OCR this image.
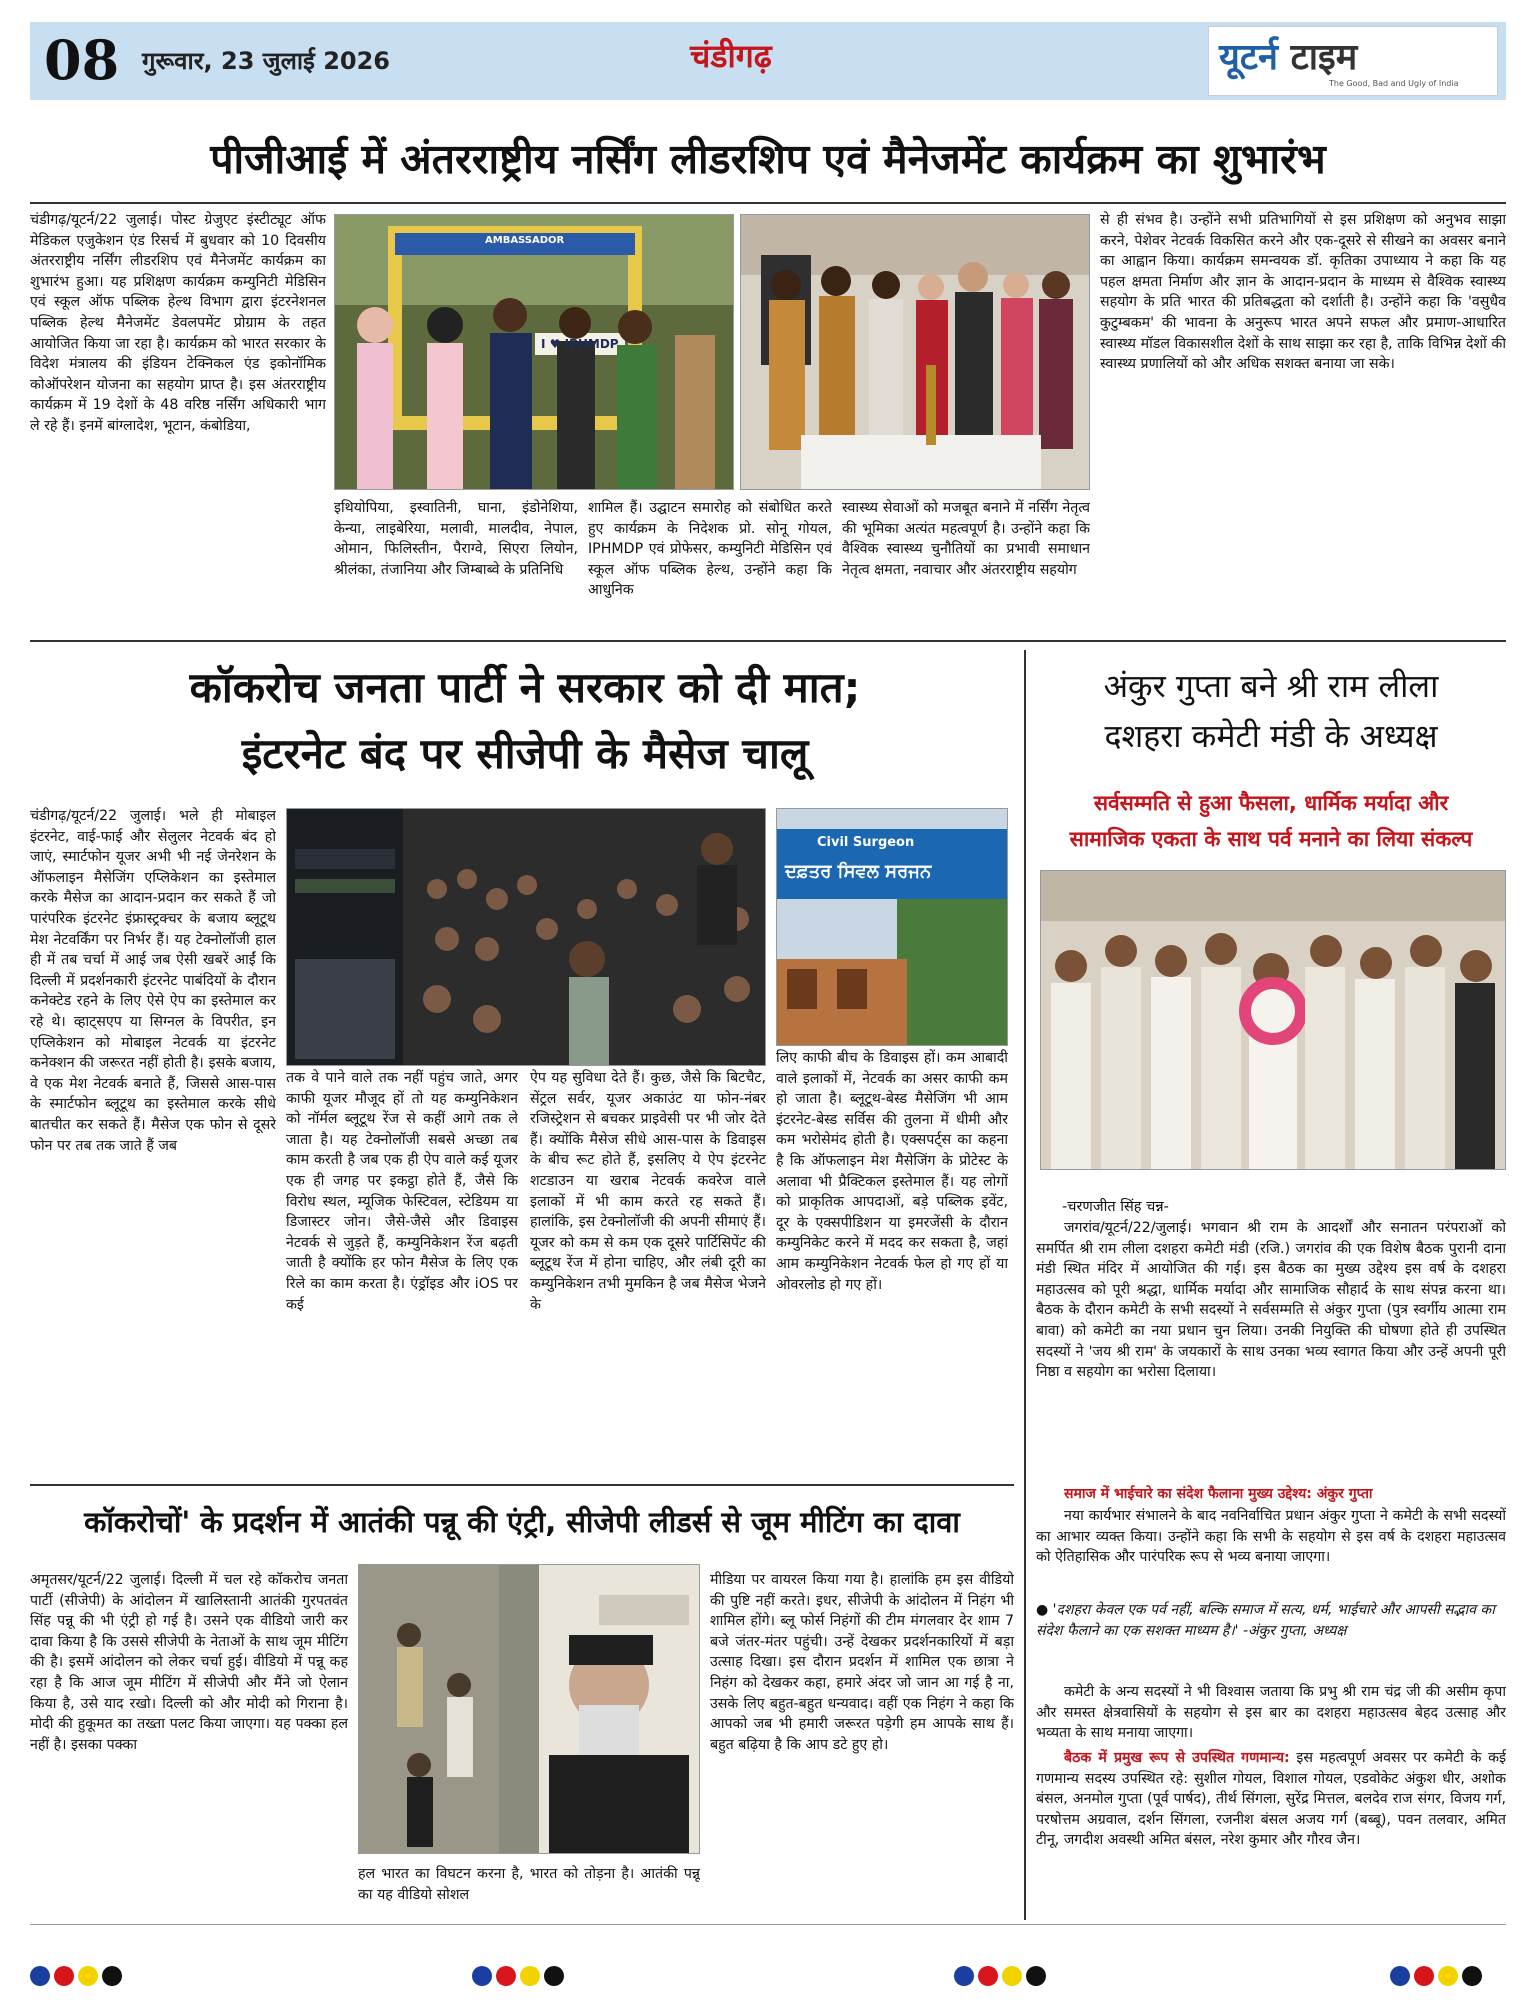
08 गुरूवार, 23 जुलाई 2026	चंडीगढ़	यूटर्न टाइम
The Good, Bad and Ugly of India
पीजीआई में अंतरराष्ट्रीय नर्सिंग लीडरशिप एवं मैनेजमेंट कार्यक्रम का शुभारंभ
चंडीगढ़/यूटर्न/22 जुलाई। पोस्ट ग्रेजुएट इंस्टीट्यूट ऑफ मेडिकल एजुकेशन एंड रिसर्च में बुधवार को 10 दिवसीय अंतरराष्ट्रीय नर्सिंग लीडरशिप एवं मैनेजमेंट कार्यक्रम का शुभारंभ हुआ। यह प्रशिक्षण कार्यक्रम कम्युनिटी मेडिसिन एवं स्कूल ऑफ पब्लिक हेल्थ विभाग द्वारा इंटरनेशनल पब्लिक हेल्थ मैनेजमेंट डेवलपमेंट प्रोग्राम के तहत आयोजित किया जा रहा है। कार्यक्रम को भारत सरकार के विदेश मंत्रालय की इंडियन टेक्निकल एंड इकोनॉमिक कोऑपरेशन योजना का सहयोग प्राप्त है। इस अंतरराष्ट्रीय कार्यक्रम में 19 देशों के 48 वरिष्ठ नर्सिंग अधिकारी भाग ले रहे हैं। इनमें बांग्लादेश, भूटान, कंबोडिया,
AMBASSADOR
I ♥ IPHMDP
इथियोपिया, इस्वातिनी, घाना, इंडोनेशिया, केन्या, लाइबेरिया, मलावी, मालदीव, नेपाल, ओमान, फिलिस्तीन, पैराग्वे, सिएरा लियोन, श्रीलंका, तंजानिया और जिम्बाब्वे के प्रतिनिधि
शामिल हैं। उद्घाटन समारोह को संबोधित करते हुए कार्यक्रम के निदेशक प्रो. सोनू गोयल, IPHMDP एवं प्रोफेसर, कम्युनिटी मेडिसिन एवं स्कूल ऑफ पब्लिक हेल्थ, उन्होंने कहा कि आधुनिक
स्वास्थ्य सेवाओं को मजबूत बनाने में नर्सिंग नेतृत्व की भूमिका अत्यंत महत्वपूर्ण है। उन्होंने कहा कि वैश्विक स्वास्थ्य चुनौतियों का प्रभावी समाधान नेतृत्व क्षमता, नवाचार और अंतरराष्ट्रीय सहयोग
से ही संभव है। उन्होंने सभी प्रतिभागियों से इस प्रशिक्षण को अनुभव साझा करने, पेशेवर नेटवर्क विकसित करने और एक-दूसरे से सीखने का अवसर बनाने का आह्वान किया। कार्यक्रम समन्वयक डॉ. कृतिका उपाध्याय ने कहा कि यह पहल क्षमता निर्माण और ज्ञान के आदान-प्रदान के माध्यम से वैश्विक स्वास्थ्य सहयोग के प्रति भारत की प्रतिबद्धता को दर्शाती है। उन्होंने कहा कि 'वसुधैव कुटुम्बकम' की भावना के अनुरूप भारत अपने सफल और प्रमाण-आधारित स्वास्थ्य मॉडल विकासशील देशों के साथ साझा कर रहा है, ताकि विभिन्न देशों की स्वास्थ्य प्रणालियों को और अधिक सशक्त बनाया जा सके।
कॉकरोच जनता पार्टी ने सरकार को दी मात;
इंटरनेट बंद पर सीजेपी के मैसेज चालू
चंडीगढ़/यूटर्न/22 जुलाई। भले ही मोबाइल इंटरनेट, वाई-फाई और सेलुलर नेटवर्क बंद हो जाएं, स्मार्टफोन यूजर अभी भी नई जेनरेशन के ऑफलाइन मैसेजिंग एप्लिकेशन का इस्तेमाल करके मैसेज का आदान-प्रदान कर सकते हैं जो पारंपरिक इंटरनेट इंफ्रास्ट्रक्चर के बजाय ब्लूटूथ मेश नेटवर्किंग पर निर्भर हैं। यह टेक्नोलॉजी हाल ही में तब चर्चा में आई जब ऐसी खबरें आईं कि दिल्ली में प्रदर्शनकारी इंटरनेट पाबंदियों के दौरान कनेक्टेड रहने के लिए ऐसे ऐप का इस्तेमाल कर रहे थे। व्हाट्सएप या सिग्नल के विपरीत, इन एप्लिकेशन को मोबाइल नेटवर्क या इंटरनेट कनेक्शन की जरूरत नहीं होती है। इसके बजाय, वे एक मेश नेटवर्क बनाते हैं, जिससे आस-पास के स्मार्टफोन ब्लूटूथ का इस्तेमाल करके सीधे बातचीत कर सकते हैं। मैसेज एक फोन से दूसरे फोन पर तब तक जाते हैं जब
Civil Surgeon
ਦਫ਼ਤਰ ਸਿਵਲ ਸਰਜਨ
तक वे पाने वाले तक नहीं पहुंच जाते, अगर काफी यूजर मौजूद हों तो यह कम्युनिकेशन को नॉर्मल ब्लूटूथ रेंज से कहीं आगे तक ले जाता है। यह टेक्नोलॉजी सबसे अच्छा तब काम करती है जब एक ही ऐप वाले कई यूजर एक ही जगह पर इकट्ठा होते हैं, जैसे कि विरोध स्थल, म्यूजिक फेस्टिवल, स्टेडियम या डिजास्टर जोन। जैसे-जैसे और डिवाइस नेटवर्क से जुड़ते हैं, कम्युनिकेशन रेंज बढ़ती जाती है क्योंकि हर फोन मैसेज के लिए एक रिले का काम करता है। एंड्रॉइड और iOS पर कई
ऐप यह सुविधा देते हैं। कुछ, जैसे कि बिटचैट, सेंट्रल सर्वर, यूजर अकाउंट या फोन-नंबर रजिस्ट्रेशन से बचकर प्राइवेसी पर भी जोर देते हैं। क्योंकि मैसेज सीधे आस-पास के डिवाइस के बीच रूट होते हैं, इसलिए ये ऐप इंटरनेट शटडाउन या खराब नेटवर्क कवरेज वाले इलाकों में भी काम करते रह सकते हैं। हालांकि, इस टेक्नोलॉजी की अपनी सीमाएं हैं। यूजर को कम से कम एक दूसरे पार्टिसिपेंट की ब्लूटूथ रेंज में होना चाहिए, और लंबी दूरी का कम्युनिकेशन तभी मुमकिन है जब मैसेज भेजने के
लिए काफी बीच के डिवाइस हों। कम आबादी वाले इलाकों में, नेटवर्क का असर काफी कम हो जाता है। ब्लूटूथ-बेस्ड मैसेजिंग भी आम इंटरनेट-बेस्ड सर्विस की तुलना में धीमी और कम भरोसेमंद होती है। एक्सपर्ट्स का कहना है कि ऑफलाइन मेश मैसेजिंग के प्रोटेस्ट के अलावा भी प्रैक्टिकल इस्तेमाल हैं। यह लोगों को प्राकृतिक आपदाओं, बड़े पब्लिक इवेंट, दूर के एक्सपीडिशन या इमरजेंसी के दौरान कम्युनिकेट करने में मदद कर सकता है, जहां आम कम्युनिकेशन नेटवर्क फेल हो गए हों या ओवरलोड हो गए हों।
कॉकरोचों' के प्रदर्शन में आतंकी पन्नू की एंट्री, सीजेपी लीडर्स से जूम मीटिंग का दावा
अमृतसर/यूटर्न/22 जुलाई। दिल्ली में चल रहे कॉकरोच जनता पार्टी (सीजेपी) के आंदोलन में खालिस्तानी आतंकी गुरपतवंत सिंह पन्नू की भी एंट्री हो गई है। उसने एक वीडियो जारी कर दावा किया है कि उससे सीजेपी के नेताओं के साथ जूम मीटिंग की है। इसमें आंदोलन को लेकर चर्चा हुई। वीडियो में पन्नू कह रहा है कि आज जूम मीटिंग में सीजेपी और मैंने जो ऐलान किया है, उसे याद रखो। दिल्ली को और मोदी को गिराना है। मोदी की हुकूमत का तख्ता पलट किया जाएगा। यह पक्का हल नहीं है। इसका पक्का
हल भारत का विघटन करना है, भारत को तोड़ना है। आतंकी पन्नू का यह वीडियो सोशल
मीडिया पर वायरल किया गया है। हालांकि हम इस वीडियो की पुष्टि नहीं करते। इधर, सीजेपी के आंदोलन में निहंग भी शामिल होंगे। ब्लू फोर्स निहंगों की टीम मंगलवार देर शाम 7 बजे जंतर-मंतर पहुंची। उन्हें देखकर प्रदर्शनकारियों में बड़ा उत्साह दिखा। इस दौरान प्रदर्शन में शामिल एक छात्रा ने निहंग को देखकर कहा, हमारे अंदर जो जान आ गई है ना, उसके लिए बहुत-बहुत धन्यवाद। वहीं एक निहंग ने कहा कि आपको जब भी हमारी जरूरत पड़ेगी हम आपके साथ हैं। बहुत बढ़िया है कि आप डटे हुए हो।
अंकुर गुप्ता बने श्री राम लीला
दशहरा कमेटी मंडी के अध्यक्ष
सर्वसम्मति से हुआ फैसला, धार्मिक मर्यादा और
सामाजिक एकता के साथ पर्व मनाने का लिया संकल्प
-चरणजीत सिंह चन्न-
जगरांव/यूटर्न/22/जुलाई। भगवान श्री राम के आदर्शों और सनातन परंपराओं को समर्पित श्री राम लीला दशहरा कमेटी मंडी (रजि.) जगरांव की एक विशेष बैठक पुरानी दाना मंडी स्थित मंदिर में आयोजित की गई। इस बैठक का मुख्य उद्देश्य इस वर्ष के दशहरा महाउत्सव को पूरी श्रद्धा, धार्मिक मर्यादा और सामाजिक सौहार्द के साथ संपन्न करना था। बैठक के दौरान कमेटी के सभी सदस्यों ने सर्वसम्मति से अंकुर गुप्ता (पुत्र स्वर्गीय आत्मा राम बावा) को कमेटी का नया प्रधान चुन लिया। उनकी नियुक्ति की घोषणा होते ही उपस्थित सदस्यों ने 'जय श्री राम' के जयकारों के साथ उनका भव्य स्वागत किया और उन्हें अपनी पूरी निष्ठा व सहयोग का भरोसा दिलाया।
समाज में भाईचारे का संदेश फैलाना मुख्य उद्देश्य: अंकुर गुप्ता
नया कार्यभार संभालने के बाद नवनिर्वाचित प्रधान अंकुर गुप्ता ने कमेटी के सभी सदस्यों का आभार व्यक्त किया। उन्होंने कहा कि सभी के सहयोग से इस वर्ष के दशहरा महाउत्सव को ऐतिहासिक और पारंपरिक रूप से भव्य बनाया जाएगा।
● 'दशहरा केवल एक पर्व नहीं, बल्कि समाज में सत्य, धर्म, भाईचारे और आपसी सद्भाव का संदेश फैलाने का एक सशक्त माध्यम है।' -अंकुर गुप्ता, अध्यक्ष
कमेटी के अन्य सदस्यों ने भी विश्वास जताया कि प्रभु श्री राम चंद्र जी की असीम कृपा और समस्त क्षेत्रवासियों के सहयोग से इस बार का दशहरा महाउत्सव बेहद उत्साह और भव्यता के साथ मनाया जाएगा।
बैठक में प्रमुख रूप से उपस्थित गणमान्य: इस महत्वपूर्ण अवसर पर कमेटी के कई गणमान्य सदस्य उपस्थित रहे: सुशील गोयल, विशाल गोयल, एडवोकेट अंकुश धीर, अशोक बंसल, अनमोल गुप्ता (पूर्व पार्षद), तीर्थ सिंगला, सुरेंद्र मित्तल, बलदेव राज संगर, विजय गर्ग, परषोत्तम अग्रवाल, दर्शन सिंगला, रजनीश बंसल अजय गर्ग (बब्बू), पवन तलवार, अमित टीनू, जगदीश अवस्थी अमित बंसल, नरेश कुमार और गौरव जैन।
